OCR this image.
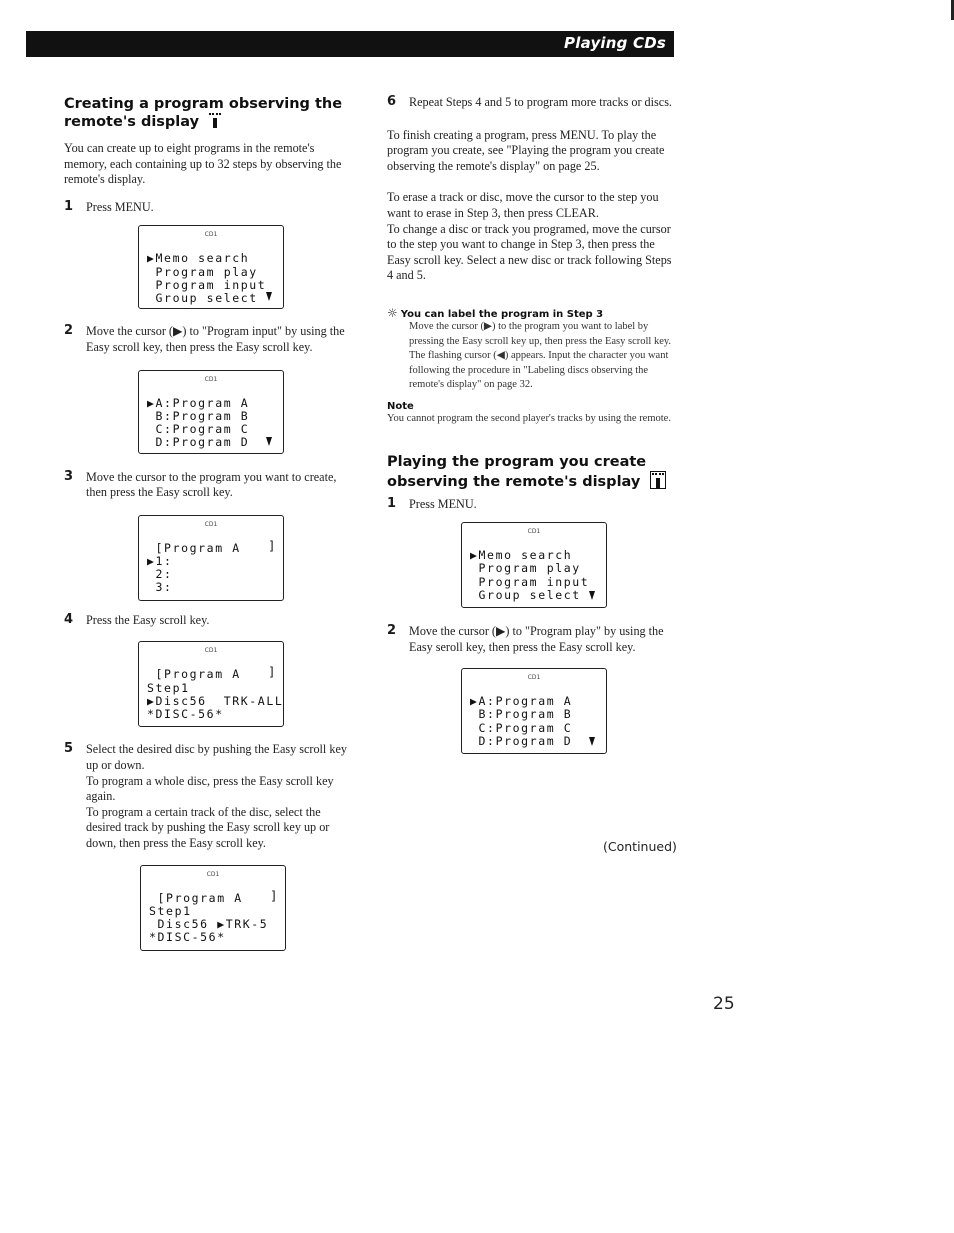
Playing CDs
Creating a program observing the remote's display

You can create up to eight programs in the remote's memory, each containing up to 32 steps by observing the remote's display.

1 Press MENU.

CD1
▶Memo search
Program play
Program input
Group select
2 Move the cursor (▶) to "Program input" by using the Easy scroll key, then press the Easy scroll key.

CD1
▶A:Program A
B:Program B
C:Program C
D:Program D
3 Move the cursor to the program you want to create, then press the Easy scroll key.

CD1
[Program A
▶1:
2:
3:
]
4 Press the Easy scroll key.

CD1
[Program A
Step1
▶Disc56  TRK-ALL
*DISC-56*
]
5 Select the desired disc by pushing the Easy scroll key up or down.

To program a whole disc, press the Easy scroll key again.

To program a certain track of the disc, select the desired track by pushing the Easy scroll key up or down, then press the Easy scroll key.

CD1
[Program A
Step1
Disc56 ▶TRK-5
*DISC-56*
]
6 Repeat Steps 4 and 5 to program more tracks or discs.

To finish creating a program, press MENU. To play the program you create, see "Playing the program you create observing the remote's display" on page 25.

To erase a track or disc, move the cursor to the step you want to erase in Step 3, then press CLEAR.

To change a disc or track you programed, move the cursor to the step you want to change in Step 3, then press the Easy scroll key. Select a new disc or track following Steps 4 and 5.

☼ You can label the program in Step 3

Move the cursor (▶) to the program you want to label by pressing the Easy scroll key up, then press the Easy scroll key.

The flashing cursor (◀) appears. Input the character you want following the procedure in "Labeling discs observing the remote's display" on page 32.

Note

You cannot program the second player's tracks by using the remote.

Playing the program you create observing the remote's display
1 Press MENU.

CD1
▶Memo search
Program play
Program input
Group select
2 Move the cursor (▶) to "Program play" by using the Easy seroll key, then press the Easy scroll key.

CD1
▶A:Program A
B:Program B
C:Program C
D:Program D
(Continued)
25
